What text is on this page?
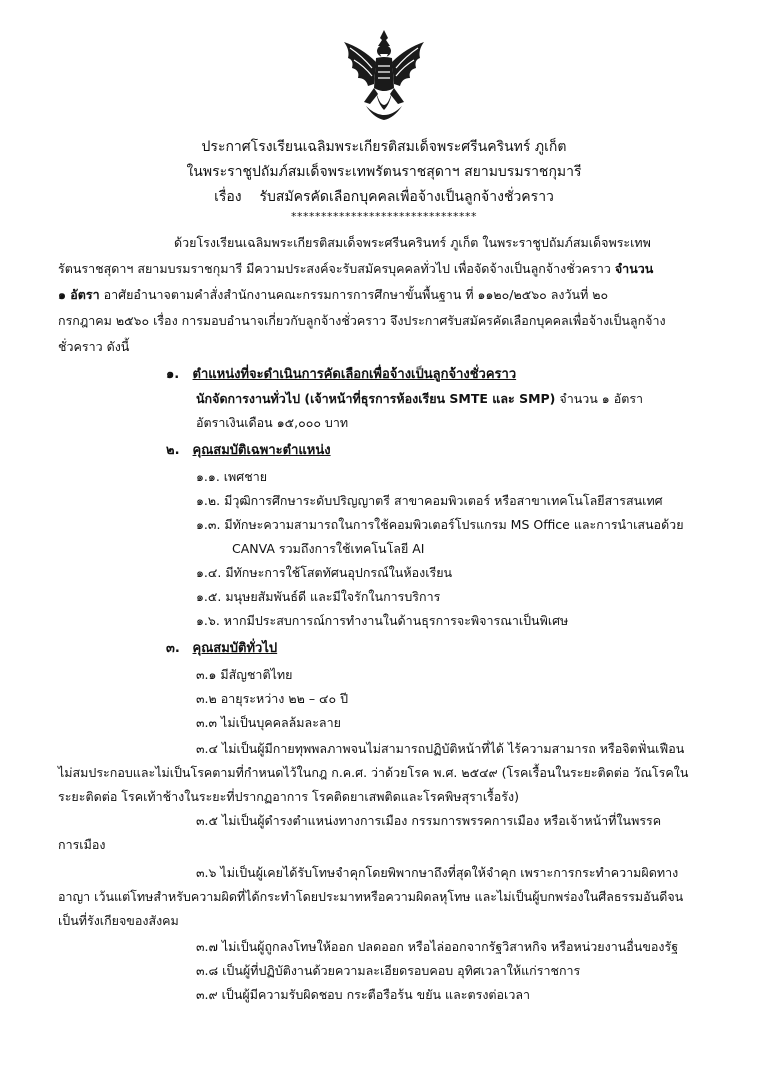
ประกาศโรงเรียนเฉลิมพระเกียรติสมเด็จพระศรีนครินทร์ ภูเก็ต
ในพระราชูปถัมภ์สมเด็จพระเทพรัตนราชสุดาฯ สยามบรมราชกุมารี
เรื่อง รับสมัครคัดเลือกบุคคลเพื่อจ้างเป็นลูกจ้างชั่วคราว
*******************************
ด้วยโรงเรียนเฉลิมพระเกียรติสมเด็จพระศรีนครินทร์ ภูเก็ต ในพระราชูปถัมภ์สมเด็จพระเทพ
รัตนราชสุดาฯ สยามบรมราชกุมารี มีความประสงค์จะรับสมัครบุคคลทั่วไป เพื่อจัดจ้างเป็นลูกจ้างชั่วคราว จำนวน
๑ อัตรา อาศัยอำนาจตามคำสั่งสำนักงานคณะกรรมการการศึกษาขั้นพื้นฐาน ที่ ๑๑๒๐/๒๕๖๐ ลงวันที่ ๒๐
กรกฎาคม ๒๕๖๐ เรื่อง การมอบอำนาจเกี่ยวกับลูกจ้างชั่วคราว จึงประกาศรับสมัครคัดเลือกบุคคลเพื่อจ้างเป็นลูกจ้าง
ชั่วคราว ดังนี้
๑. ตำแหน่งที่จะดำเนินการคัดเลือกเพื่อจ้างเป็นลูกจ้างชั่วคราว
นักจัดการงานทั่วไป (เจ้าหน้าที่ธุรการห้องเรียน SMTE และ SMP) จำนวน ๑ อัตรา
อัตราเงินเดือน ๑๕,๐๐๐ บาท
๒. คุณสมบัติเฉพาะตำแหน่ง
๑.๑. เพศชาย
๑.๒. มีวุฒิการศึกษาระดับปริญญาตรี สาขาคอมพิวเตอร์ หรือสาขาเทคโนโลยีสารสนเทศ
๑.๓. มีทักษะความสามารถในการใช้คอมพิวเตอร์โปรแกรม MS Office และการนำเสนอด้วย
CANVA รวมถึงการใช้เทคโนโลยี AI
๑.๔. มีทักษะการใช้โสตทัศนอุปกรณ์ในห้องเรียน
๑.๕. มนุษยสัมพันธ์ดี และมีใจรักในการบริการ
๑.๖. หากมีประสบการณ์การทำงานในด้านธุรการจะพิจารณาเป็นพิเศษ
๓. คุณสมบัติทั่วไป
๓.๑ มีสัญชาติไทย
๓.๒ อายุระหว่าง ๒๒ – ๔๐ ปี
๓.๓ ไม่เป็นบุคคลล้มละลาย
๓.๔ ไม่เป็นผู้มีกายทุพพลภาพจนไม่สามารถปฏิบัติหน้าที่ได้ ไร้ความสามารถ หรือจิตฟั่นเฟือน
ไม่สมประกอบและไม่เป็นโรคตามที่กำหนดไว้ในกฎ ก.ค.ศ. ว่าด้วยโรค พ.ศ. ๒๕๔๙ (โรคเรื้อนในระยะติดต่อ วัณโรคใน
ระยะติดต่อ โรคเท้าช้างในระยะที่ปรากฏอาการ โรคติดยาเสพติดและโรคพิษสุราเรื้อรัง)
๓.๕ ไม่เป็นผู้ดำรงตำแหน่งทางการเมือง กรรมการพรรคการเมือง หรือเจ้าหน้าที่ในพรรค
การเมือง
๓.๖ ไม่เป็นผู้เคยได้รับโทษจำคุกโดยพิพากษาถึงที่สุดให้จำคุก เพราะการกระทำความผิดทาง
อาญา เว้นแต่โทษสำหรับความผิดที่ได้กระทำโดยประมาทหรือความผิดลหุโทษ และไม่เป็นผู้บกพร่องในศีลธรรมอันดีจน
เป็นที่รังเกียจของสังคม
๓.๗ ไม่เป็นผู้ถูกลงโทษให้ออก ปลดออก หรือไล่ออกจากรัฐวิสาหกิจ หรือหน่วยงานอื่นของรัฐ
๓.๘ เป็นผู้ที่ปฏิบัติงานด้วยความละเอียดรอบคอบ อุทิศเวลาให้แก่ราชการ
๓.๙ เป็นผู้มีความรับผิดชอบ กระตือรือร้น ขยัน และตรงต่อเวลา
